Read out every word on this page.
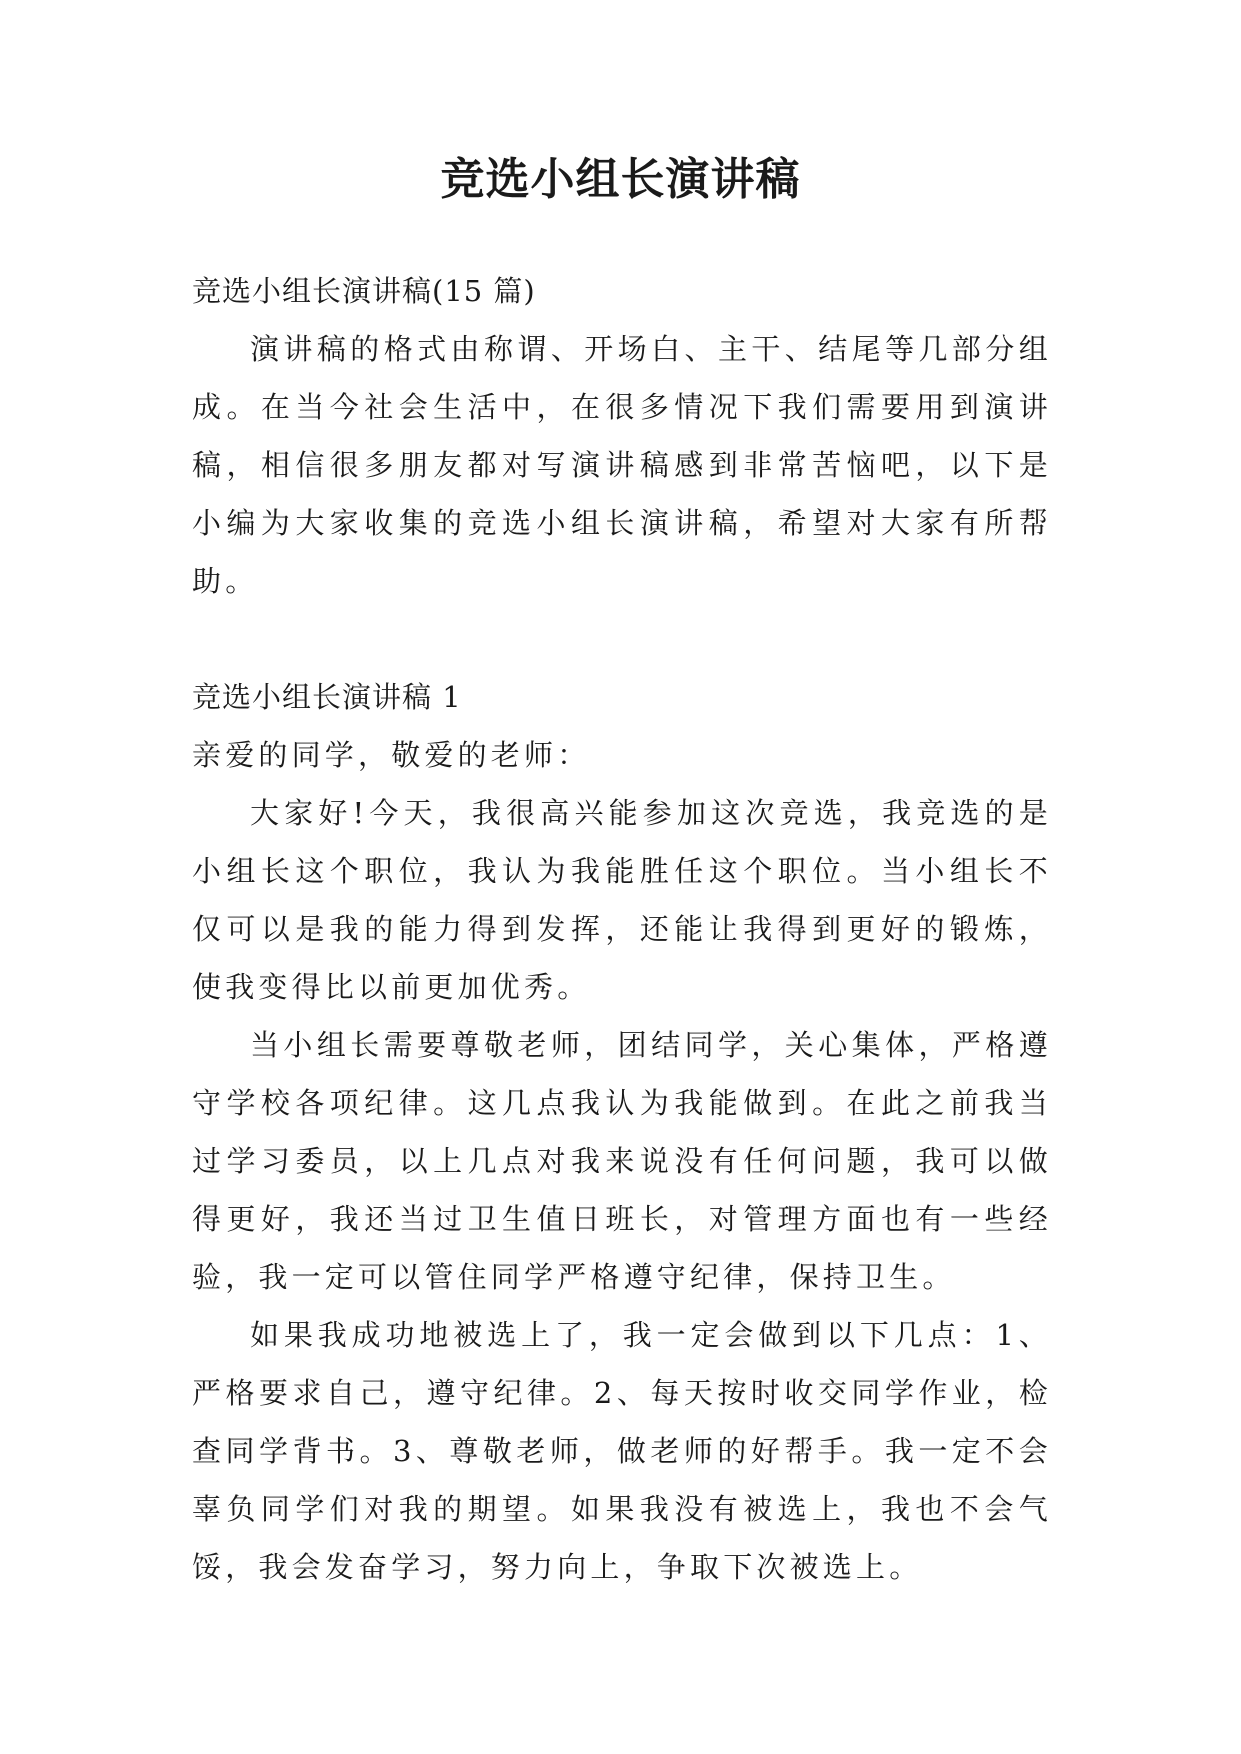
竞选小组长演讲稿

竞选小组长演讲稿(15 篇)

演讲稿的格式由称谓、开场白、主干、结尾等几部分组成。在当今社会生活中，在很多情况下我们需要用到演讲稿，相信很多朋友都对写演讲稿感到非常苦恼吧，以下是小编为大家收集的竞选小组长演讲稿，希望对大家有所帮助。

竞选小组长演讲稿 1

亲爱的同学，敬爱的老师：

大家好!今天，我很高兴能参加这次竞选，我竞选的是小组长这个职位，我认为我能胜任这个职位。当小组长不仅可以是我的能力得到发挥，还能让我得到更好的锻炼，使我变得比以前更加优秀。

当小组长需要尊敬老师，团结同学，关心集体，严格遵守学校各项纪律。这几点我认为我能做到。在此之前我当过学习委员，以上几点对我来说没有任何问题，我可以做得更好，我还当过卫生值日班长，对管理方面也有一些经验，我一定可以管住同学严格遵守纪律，保持卫生。

如果我成功地被选上了，我一定会做到以下几点：1、严格要求自己，遵守纪律。2、每天按时收交同学作业，检查同学背书。3、尊敬老师，做老师的好帮手。我一定不会辜负同学们对我的期望。如果我没有被选上，我也不会气馁，我会发奋学习，努力向上，争取下次被选上。
